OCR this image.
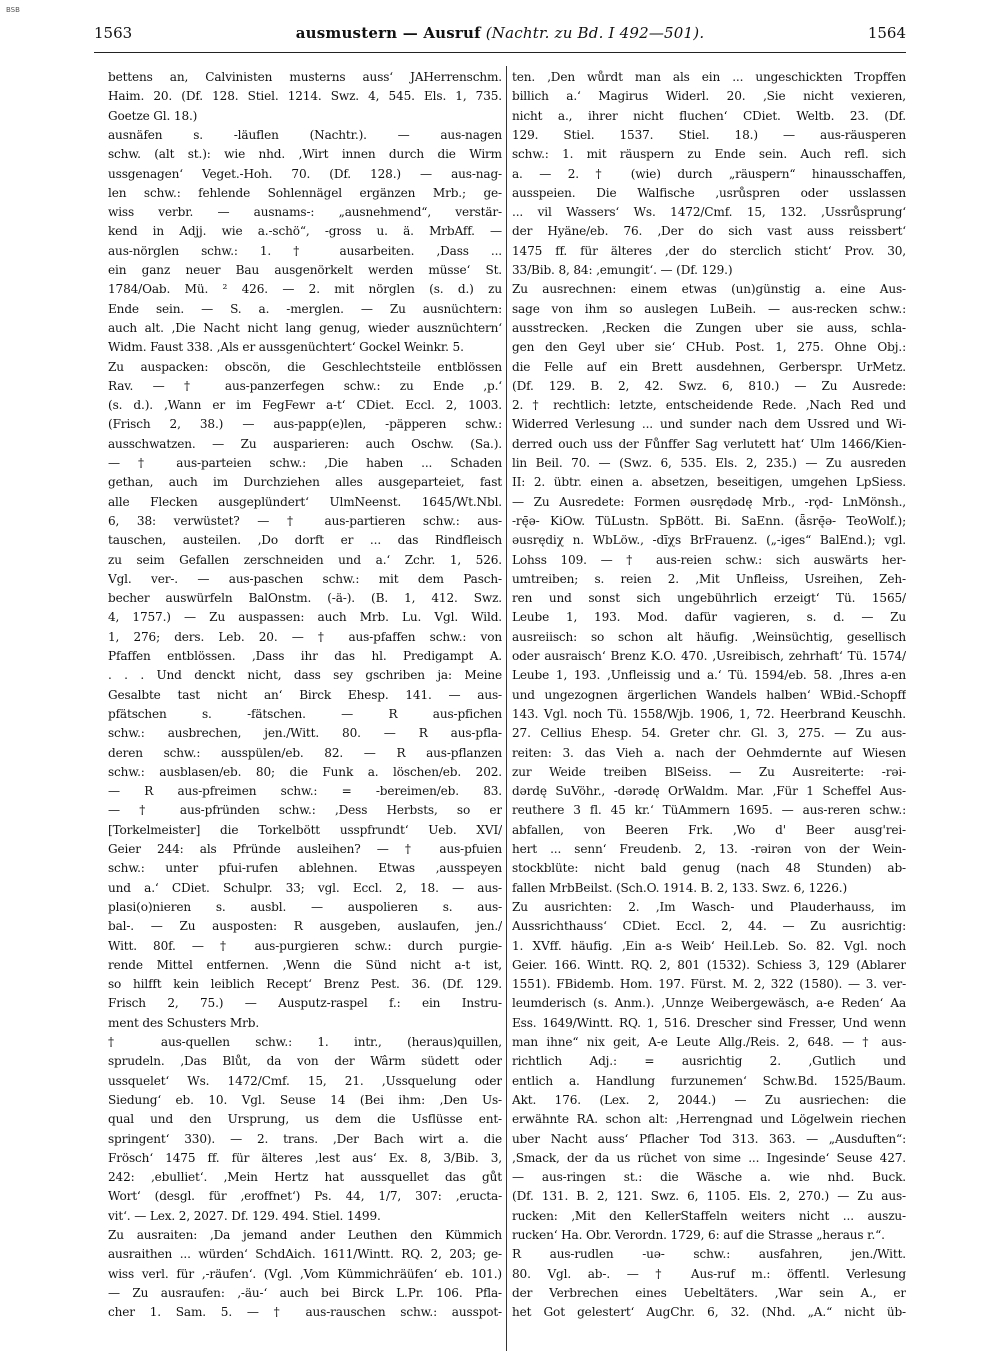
BSB
1563	ausmustern — Ausruf (Nachtr. zu Bd. I 492—501).	1564
bettens an, Calvinisten musterns auss‘ JAHerrenschm.
Haim. 20. (Df. 128. Stiel. 1214. Swz. 4, 545. Els. 1, 735.
Goetze Gl. 18.)
ausnäfen s. -läuflen (Nachtr.). — aus-nagen
schw. (alt st.): wie nhd. ‚Wirt innen durch die Wirm
ussgenagen‘ Veget.-Hoh. 70. (Df. 128.) — aus-nag-
len schw.: fehlende Sohlennägel ergänzen Mrb.; ge-
wiss verbr. — ausnams-: „ausnehmend“, verstär-
kend in Adjj. wie a.-schö“, -gross u. ä. MrbAff. —
aus-nörglen schw.: 1. † ausarbeiten. ‚Dass ...
ein ganz neuer Bau ausgenörkelt werden müsse‘ St.
1784/Oab. Mü. ² 426. — 2. mit nörglen (s. d.) zu
Ende sein. — S. a. -merglen. — Zu ausnüchtern:
auch alt. ‚Die Nacht nicht lang genug, wieder ausznüchtern‘
Widm. Faust 338. ‚Als er aussgenüchtert‘ Gockel Weinkr. 5.
Zu auspacken: obscön, die Geschlechtsteile entblössen
Rav. — † aus-panzerfegen schw.: zu Ende ‚p.‘
(s. d.). ‚Wann er im FegFewr a-t‘ CDiet. Eccl. 2, 1003.
(Frisch 2, 38.) — aus-papp(e)len, -päpperen schw.:
ausschwatzen. — Zu ausparieren: auch Oschw. (Sa.).
— † aus-parteien schw.: ‚Die haben ... Schaden
gethan, auch im Durchziehen alles ausgeparteiet, fast
alle Flecken ausgeplündert‘ UlmNeenst. 1645/Wt.Nbl.
6, 38: verwüstet? — † aus-partieren schw.: aus-
tauschen, austeilen. ‚Do dorft er ... das Rindfleisch
zu seim Gefallen zerschneiden und a.‘ Zchr. 1, 526.
Vgl. ver-. — aus-paschen schw.: mit dem Pasch-
becher auswürfeln BalOnstm. (-ä-). (B. 1, 412. Swz.
4, 1757.) — Zu auspassen: auch Mrb. Lu. Vgl. Wild.
1, 276; ders. Leb. 20. — † aus-pfaffen schw.: von
Pfaffen entblössen. ‚Dass ihr das hl. Predigampt A.
. . . Und denckt nicht, dass sey gschriben ja: Meine
Gesalbte tast nicht an‘ Birck Ehesp. 141. — aus-
pfätschen s. -fätschen. — R aus-pfichen
schw.: ausbrechen, jen./Witt. 80. — R aus-pfla-
deren schw.: ausspülen/eb. 82. — R aus-pflanzen
schw.: ausblasen/eb. 80; die Funk a. löschen/eb. 202.
— R aus-pfreimen schw.: = -bereimen/eb. 83.
— † aus-pfründen schw.: ‚Dess Herbsts, so er
[Torkelmeister] die Torkelbött usspfrundt‘ Ueb. XVI/
Geier 244: als Pfründe ausleihen? — † aus-pfuien
schw.: unter pfui-rufen ablehnen. Etwas ‚ausspeyen
und a.‘ CDiet. Schulpr. 33; vgl. Eccl. 2, 18. — aus-
plasi(o)nieren s. ausbl. — auspolieren s. aus-
bal-. — Zu ausposten: R ausgeben, auslaufen, jen./
Witt. 80f. — † aus-purgieren schw.: durch purgie-
rende Mittel entfernen. ‚Wenn die Sünd nicht a-t ist,
so hilfft kein leiblich Recept‘ Brenz Pest. 36. (Df. 129.
Frisch 2, 75.) — Ausputz-raspel f.: ein Instru-
ment des Schusters Mrb.
† aus-quellen schw.: 1. intr., (heraus)quillen,
sprudeln. ‚Das Blůt, da von der Wârm südett oder
ussquelet‘ Ws. 1472/Cmf. 15, 21. ‚Ussquelung oder
Siedung‘ eb. 10. Vgl. Seuse 14 (Bei ihm: ‚Den Us-
qual und den Ursprung, us dem die Usflüsse ent-
springent‘ 330). — 2. trans. ‚Der Bach wirt a. die
Frösch‘ 1475 ff. für älteres ‚lest aus‘ Ex. 8, 3/Bib. 3,
242: ‚ebulliet‘. ‚Mein Hertz hat aussquellet das gůt
Wort‘ (desgl. für ‚eroffnet‘) Ps. 44, 1/7, 307: ‚eructa-
vit‘. — Lex. 2, 2027. Df. 129. 494. Stiel. 1499.
Zu ausraiten: ‚Da jemand ander Leuthen den Kümmich
ausraithen ... würden‘ SchdAich. 1611/Wintt. RQ. 2, 203; ge-
wiss verl. für ‚-räufen‘. (Vgl. ‚Vom Kümmichräüfen‘ eb. 101.)
— Zu ausraufen: ‚-äu-‘ auch bei Birck L.Pr. 106. Pfla-
cher 1. Sam. 5. — † aus-rauschen schw.: ausspot-
ten. ‚Den wůrdt man als ein ... ungeschickten Tropffen
billich a.‘ Magirus Widerl. 20. ‚Sie nicht vexieren,
nicht a., ihrer nicht fluchen‘ CDiet. Weltb. 23. (Df.
129. Stiel. 1537. Stiel. 18.) — aus-räusperen
schw.: 1. mit räuspern zu Ende sein. Auch refl. sich
a. — 2. † (wie) durch „räuspern“ hinausschaffen,
ausspeien. Die Walfische ‚usrůspren oder usslassen
... vil Wassers‘ Ws. 1472/Cmf. 15, 132. ‚Ussrůsprung‘
der Hyäne/eb. 76. ‚Der do sich vast auss reissbert‘
1475 ff. für älteres ‚der do sterclich sticht‘ Prov. 30,
33/Bib. 8, 84: ‚emungit‘. — (Df. 129.)
Zu ausrechnen: einem etwas (un)günstig a. eine Aus-
sage von ihm so auslegen LuBeih. — aus-recken schw.:
ausstrecken. ‚Recken die Zungen uber sie auss, schla-
gen den Geyl uber sie‘ CHub. Post. 1, 275. Ohne Obj.:
die Felle auf ein Brett ausdehnen, Gerberspr. UrMetz.
(Df. 129. B. 2, 42. Swz. 6, 810.) — Zu Ausrede:
2. † rechtlich: letzte, entscheidende Rede. ‚Nach Red und
Widerred Verlesung ... und sunder nach dem Ussred und Wi-
derred ouch uss der Fůnffer Sag verlutett hat‘ Ulm 1466/Kien-
lin Beil. 70. — (Swz. 6, 535. Els. 2, 235.) — Zu ausreden
II: 2. übtr. einen a. absetzen, beseitigen, umgehen LpSiess.
— Zu Ausredete: Formen əusrędədę Mrb., -rǫd- LnMönsh.,
-rę̄ə- KiOw. TüLustn. SpBött. Bi. SaEnn. (ǟsrę̄ə- TeoWolf.);
əusrędiχ n. WbLöw., -dīχs BrFrauenz. („-iges“ BalEnd.); vgl.
Lohss 109. — † aus-reien schw.: sich auswärts her-
umtreiben; s. reien 2. ‚Mit Unfleiss, Usreihen, Zeh-
ren und sonst sich ungebührlich erzeigt‘ Tü. 1565/
Leube 1, 193. Mod. dafür vagieren, s. d. — Zu
ausreiisch: so schon alt häufig. ‚Weinsüchtig, gesellisch
oder ausraisch‘ Brenz K.O. 470. ‚Usreibisch, zehrhaft‘ Tü. 1574/
Leube 1, 193. ‚Unfleissig und a.‘ Tü. 1594/eb. 58. ‚Ihres a-en
und ungezognen ärgerlichen Wandels halben‘ WBid.-Schopff
143. Vgl. noch Tü. 1558/Wjb. 1906, 1, 72. Heerbrand Keuschh.
27. Cellius Ehesp. 54. Greter chr. Gl. 3, 275. — Zu aus-
reiten: 3. das Vieh a. nach der Oehmdernte auf Wiesen
zur Weide treiben BlSeiss. — Zu Ausreiterte: -rəi-
dərdę SuVöhr., -dərədę OrWaldm. Mar. ‚Für 1 Scheffel Aus-
reuthere 3 fl. 45 kr.‘ TüAmmern 1695. — aus-reren schw.:
abfallen, von Beeren Frk. ‚Wo d' Beer ausg'rei-
hert ... senn‘ Freudenb. 2, 13. -rəirən von der Wein-
stockblüte: nicht bald genug (nach 48 Stunden) ab-
fallen MrbBeilst. (Sch.O. 1914. B. 2, 133. Swz. 6, 1226.)
Zu ausrichten: 2. ‚Im Wasch- und Plauderhauss, im
Aussrichthauss‘ CDiet. Eccl. 2, 44. — Zu ausrichtig:
1. XVff. häufig. ‚Ein a-s Weib‘ Heil.Leb. So. 82. Vgl. noch
Geier. 166. Wintt. RQ. 2, 801 (1532). Schiess 3, 129 (Ablarer
1551). FBidemb. Hom. 197. Fürst. M. 2, 322 (1580). — 3. ver-
leumderisch (s. Anm.). ‚Unnȥe Weibergewäsch, a-e Reden‘ Aa
Ess. 1649/Wintt. RQ. 1, 516. Drescher sind Fresser, Und wenn
man ihne“ nix geit, A-e Leute Allg./Reis. 2, 648. — † aus-
richtlich Adj.: = ausrichtig 2. ‚Gutlich und
entlich a. Handlung furzunemen‘ Schw.Bd. 1525/Baum.
Akt. 176. (Lex. 2, 2044.) — Zu ausriechen: die
erwähnte RA. schon alt: ‚Herrengnad und Lögelwein riechen
uber Nacht auss‘ Pflacher Tod 313. 363. — „Ausduften“:
‚Smack, der da us rüchet von sime ... Ingesinde‘ Seuse 427.
— aus-ringen st.: die Wäsche a. wie nhd. Buck.
(Df. 131. B. 2, 121. Swz. 6, 1105. Els. 2, 270.) — Zu aus-
rucken: ‚Mit den KellerStaffeln weiters nicht ... auszu-
rucken‘ Ha. Obr. Verordn. 1729, 6: auf die Strasse „heraus r.“.
R aus-rudlen -uə- schw.: ausfahren, jen./Witt.
80. Vgl. ab-. — † Aus-ruf m.: öffentl. Verlesung
der Verbrechen eines Uebeltäters. ‚War sein A., er
het Got gelestert‘ AugChr. 6, 32. (Nhd. „A.“ nicht üb-
